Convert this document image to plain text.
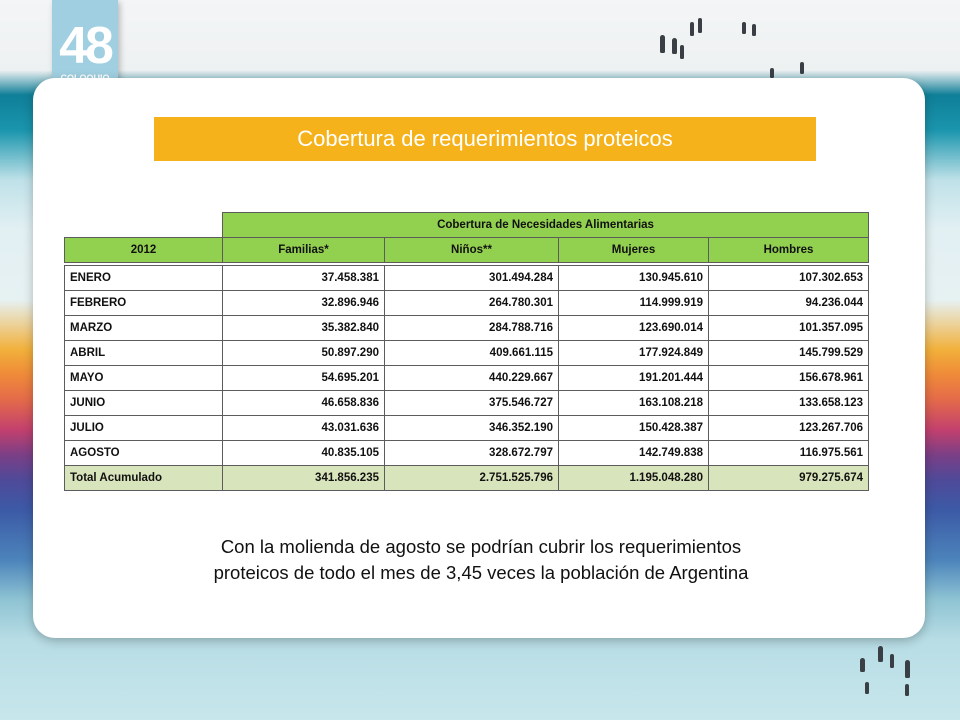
48
Cobertura de requerimientos proteicos
	Cobertura de Necesidades Alimentarias			
2012	Familias*	Niños**	Mujeres	Hombres

ENERO	37.458.381	301.494.284	130.945.610	107.302.653
FEBRERO	32.896.946	264.780.301	114.999.919	94.236.044
MARZO	35.382.840	284.788.716	123.690.014	101.357.095
ABRIL	50.897.290	409.661.115	177.924.849	145.799.529
MAYO	54.695.201	440.229.667	191.201.444	156.678.961
JUNIO	46.658.836	375.546.727	163.108.218	133.658.123
JULIO	43.031.636	346.352.190	150.428.387	123.267.706
AGOSTO	40.835.105	328.672.797	142.749.838	116.975.561
Total Acumulado	341.856.235	2.751.525.796	1.195.048.280	979.275.674
Con la molienda de agosto se podrían cubrir los requerimientos
proteicos de todo el mes de 3,45 veces la población de Argentina
